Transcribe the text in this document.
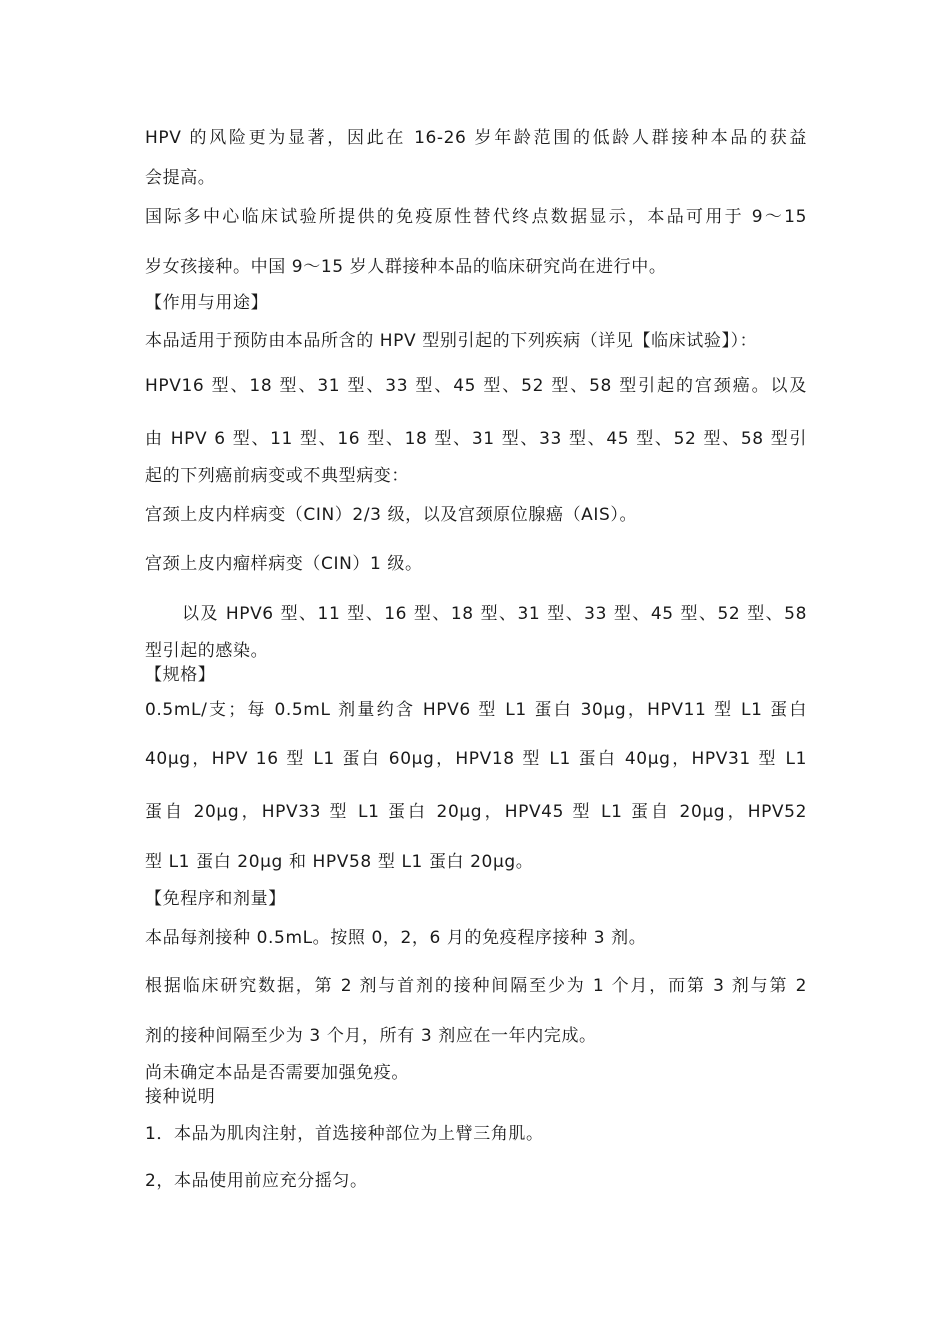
HPV 的风险更为显著，因此在 16-26 岁年龄范围的低龄人群接种本品的获益
会提高。
国际多中心临床试验所提供的免疫原性替代终点数据显示，本品可用于 9～15
岁女孩接种。中国 9～15 岁人群接种本品的临床研究尚在进行中。
【作用与用途】
本品适用于预防由本品所含的 HPV 型别引起的下列疾病（详见【临床试验】）：
HPV16 型、18 型、31 型、33 型、45 型、52 型、58 型引起的宫颈癌。以及
由 HPV 6 型、11 型、16 型、18 型、31 型、33 型、45 型、52 型、58 型引
起的下列癌前病变或不典型病变：
宫颈上皮内样病变（CIN）2/3 级，以及宫颈原位腺癌（AIS）。
宫颈上皮内瘤样病变（CIN）1 级。
以及 HPV6 型、11 型、16 型、18 型、31 型、33 型、45 型、52 型、58
型引起的感染。
【规格】
0.5mL/支；每 0.5mL 剂量约含 HPV6 型 L1 蛋白 30μg，HPV11 型 L1 蛋白
40μg，HPV 16 型 L1 蛋白 60μg，HPV18 型 L1 蛋白 40μg，HPV31 型 L1
蛋自 20μg，HPV33 型 L1 蛋白 20μg，HPV45 型 L1 蛋自 20μg，HPV52
型 L1 蛋白 20μg 和 HPV58 型 L1 蛋白 20μg。
【免程序和剂量】
本品每剂接种 0.5mL。按照 0，2，6 月的免疫程序接种 3 剂。
根据临床研究数据，第 2 剂与首剂的接种间隔至少为 1 个月，而第 3 剂与第 2
剂的接种间隔至少为 3 个月，所有 3 剂应在一年内完成。
尚未确定本品是否需要加强免疫。
接种说明
1．本品为肌肉注射，首选接种部位为上臂三角肌。
2，本品使用前应充分摇匀。
